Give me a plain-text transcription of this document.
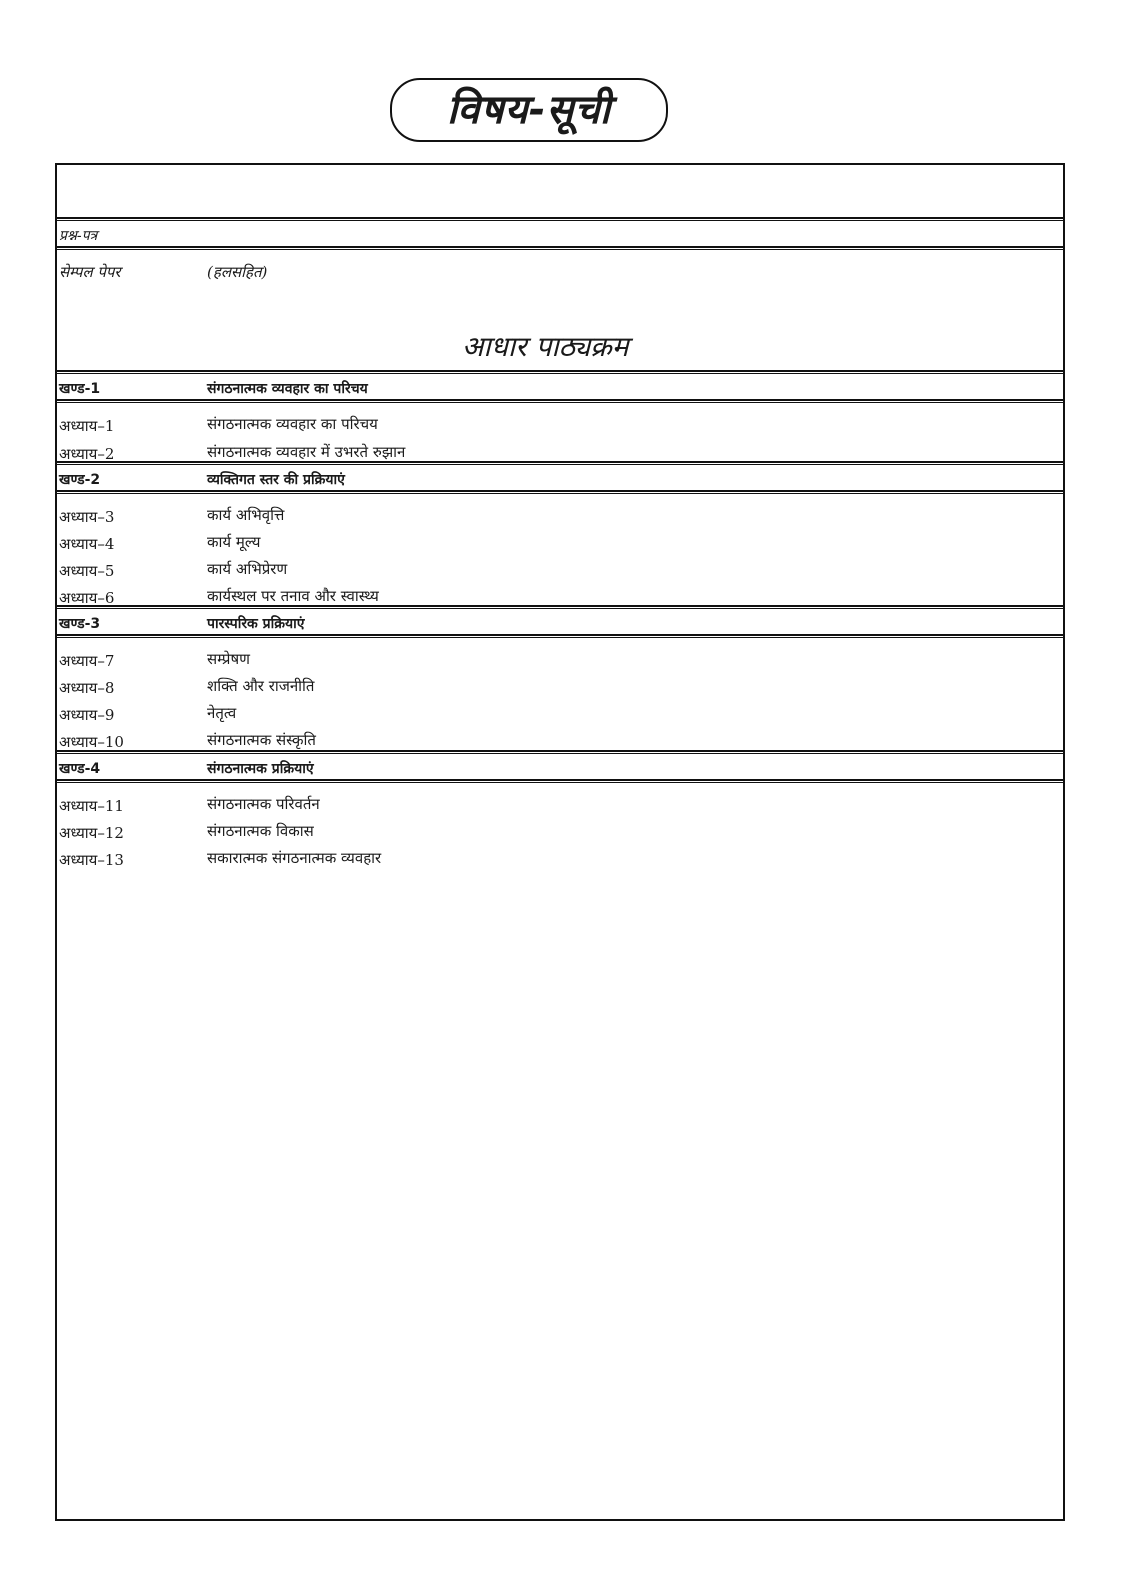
विषय-सूची
प्रश्न-पत्र
सेम्पल पेपर	(हलसहित)
आधार पाठ्यक्रम
खण्ड-1	संगठनात्मक व्यवहार का परिचय
अध्याय–1	संगठनात्मक व्यवहार का परिचय
अध्याय–2	संगठनात्मक व्यवहार में उभरते रुझान
खण्ड-2	व्यक्तिगत स्तर की प्रक्रियाएं
अध्याय–3	कार्य अभिवृत्ति
अध्याय–4	कार्य मूल्य
अध्याय–5	कार्य अभिप्रेरण
अध्याय–6	कार्यस्थल पर तनाव और स्वास्थ्य
खण्ड-3	पारस्परिक प्रक्रियाएं
अध्याय–7	सम्प्रेषण
अध्याय–8	शक्ति और राजनीति
अध्याय–9	नेतृत्व
अध्याय–10	संगठनात्मक संस्कृति
खण्ड-4	संगठनात्मक प्रक्रियाएं
अध्याय–11	संगठनात्मक परिवर्तन
अध्याय–12	संगठनात्मक विकास
अध्याय–13	सकारात्मक संगठनात्मक व्यवहार
